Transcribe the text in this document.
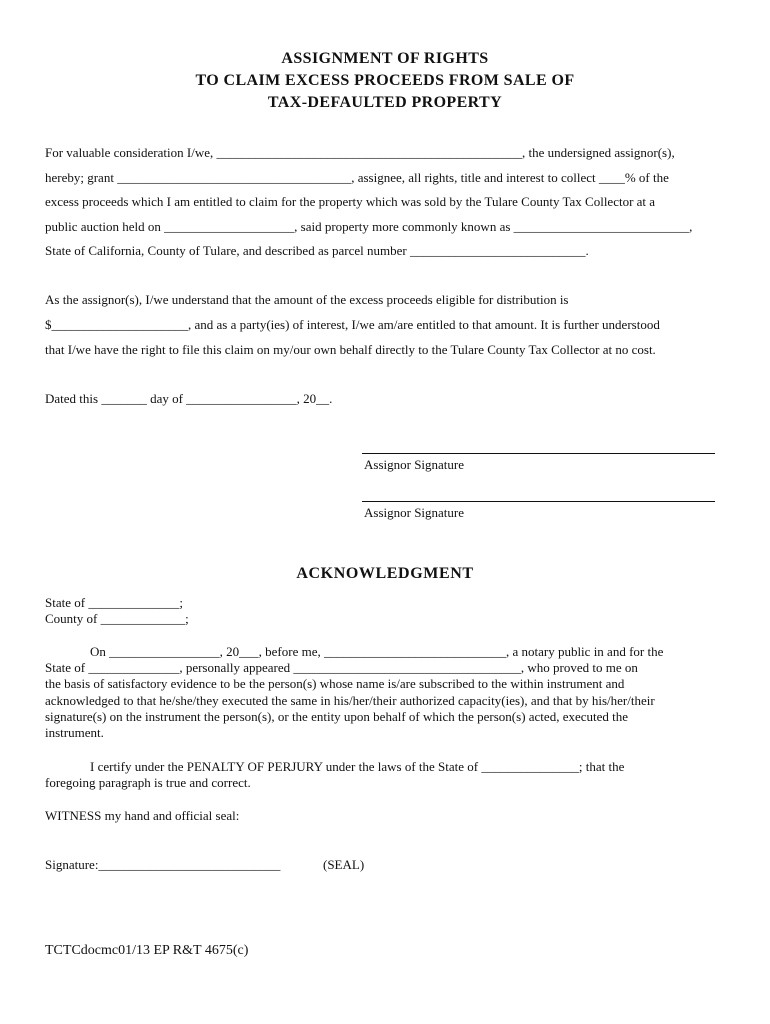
ASSIGNMENT OF RIGHTS
TO CLAIM EXCESS PROCEEDS FROM SALE OF
TAX-DEFAULTED PROPERTY
For valuable consideration I/we, _______________________________________________, the undersigned assignor(s),
hereby; grant ____________________________________, assignee, all rights, title and interest to collect ____% of the
excess proceeds which I am entitled to claim for the property which was sold by the Tulare County Tax Collector at a
public auction held on ____________________, said property more commonly known as ___________________________,
State of California, County of Tulare, and described as parcel number ___________________________.
As the assignor(s), I/we understand that the amount of the excess proceeds eligible for distribution is
$_____________________, and as a party(ies) of interest, I/we am/are entitled to that amount. It is further understood
that I/we have the right to file this claim on my/our own behalf directly to the Tulare County Tax Collector at no cost.
Dated this _______ day of _________________, 20__.
Assignor Signature
Assignor Signature
ACKNOWLEDGMENT
State of ______________;
County of _____________;
On _________________, 20___, before me, ____________________________, a notary public in and for the
State of ______________, personally appeared ___________________________________, who proved to me on
the basis of satisfactory evidence to be the person(s) whose name is/are subscribed to the within instrument and
acknowledged to that he/she/they executed the same in his/her/their authorized capacity(ies), and that by his/her/their
signature(s) on the instrument the person(s), or the entity upon behalf of which the person(s) acted, executed the
instrument.
I certify under the PENALTY OF PERJURY under the laws of the State of _______________; that the
foregoing paragraph is true and correct.
WITNESS my hand and official seal:
Signature:____________________________	(SEAL)
TCTCdocmc01/13 EP R&T 4675(c)
